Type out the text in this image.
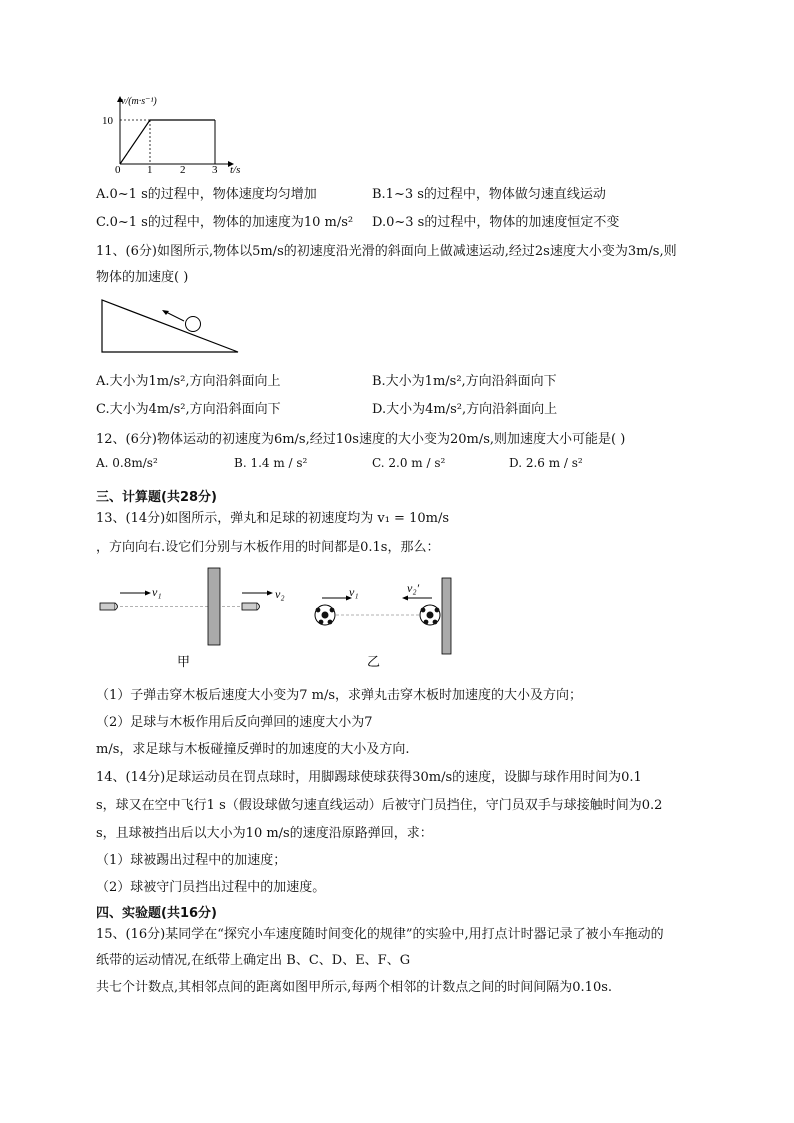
v/(m·s⁻¹)
10
0 1	2 3 t/s
A.0~1 s的过程中，物体速度均匀增加	B.1~3 s的过程中，物体做匀速直线运动
C.0~1 s的过程中，物体的加速度为10 m/s² D.0~3 s的过程中，物体的加速度恒定不变
11、(6分)如图所示,物体以5m/s的初速度沿光滑的斜面向上做减速运动,经过2s速度大小变为3m/s,则
物体的加速度( )
A.大小为1m/s²,方向沿斜面向上	B.大小为1m/s²,方向沿斜面向下
C.大小为4m/s²,方向沿斜面向下	D.大小为4m/s²,方向沿斜面向上
12、(6分)物体运动的初速度为6m/s,经过10s速度的大小变为20m/s,则加速度大小可能是( )
A. 0.8m/s²	B. 1.4 m / s²	C. 2.0 m / s²	D. 2.6 m / s²
三、计算题(共28分)
13、(14分)如图所示，弹丸和足球的初速度均为 v₁ = 10m/s
，方向向右.设它们分别与木板作用的时间都是0.1s，那么：
v₁	v₂
甲
v₁	v₂′
乙
（1）子弹击穿木板后速度大小变为7 m/s，求弹丸击穿木板时加速度的大小及方向；
（2）足球与木板作用后反向弹回的速度大小为7
m/s，求足球与木板碰撞反弹时的加速度的大小及方向.
14、(14分)足球运动员在罚点球时，用脚踢球使球获得30m/s的速度，设脚与球作用时间为0.1
s，球又在空中飞行1 s（假设球做匀速直线运动）后被守门员挡住，守门员双手与球接触时间为0.2
s，且球被挡出后以大小为10 m/s的速度沿原路弹回，求：
（1）球被踢出过程中的加速度；
（2）球被守门员挡出过程中的加速度。
四、实验题(共16分)
15、(16分)某同学在“探究小车速度随时间变化的规律”的实验中,用打点计时器记录了被小车拖动的
纸带的运动情况,在纸带上确定出 B、C、D、E、F、G
共七个计数点,其相邻点间的距离如图甲所示,每两个相邻的计数点之间的时间间隔为0.10s.
